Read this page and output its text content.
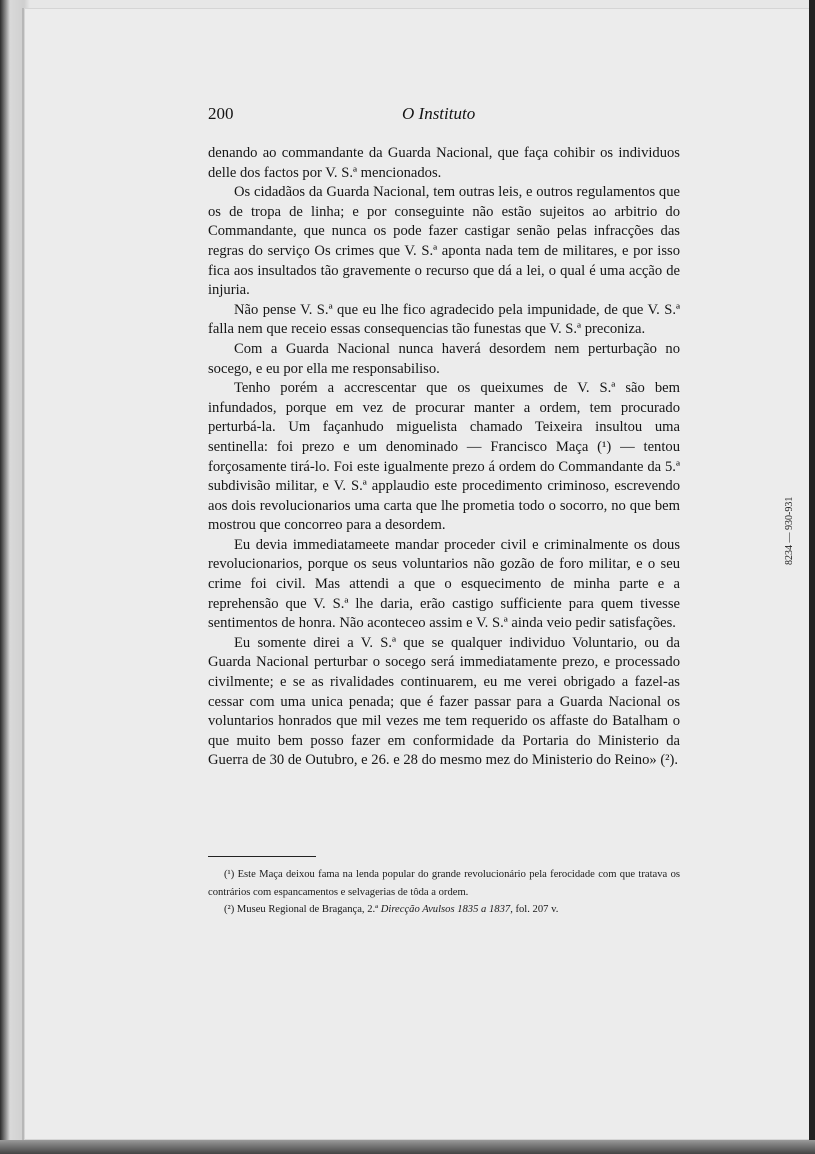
200	O Instituto

denando ao commandante da Guarda Nacional, que faça cohibir os individuos delle dos factos por V. S.ª mencionados.

Os cidadãos da Guarda Nacional, tem outras leis, e outros regulamentos que os de tropa de linha; e por conseguinte não estão sujeitos ao arbitrio do Commandante, que nunca os pode fazer castigar senão pelas infracções das regras do serviço Os crimes que V. S.ª aponta nada tem de militares, e por isso fica aos insultados tão gravemente o recurso que dá a lei, o qual é uma acção de injuria.

Não pense V. S.ª que eu lhe fico agradecido pela impunidade, de que V. S.ª falla nem que receio essas consequencias tão funestas que V. S.ª preconiza.

Com a Guarda Nacional nunca haverá desordem nem perturbação no socego, e eu por ella me responsabiliso.

Tenho porém a accrescentar que os queixumes de V. S.ª são bem infundados, porque em vez de procurar manter a ordem, tem procurado perturbá-la. Um façanhudo miguelista chamado Teixeira insultou uma sentinella: foi prezo e um denominado — Francisco Maça (¹) — tentou forçosamente tirá-lo. Foi este igualmente prezo á ordem do Commandante da 5.ª subdivisão militar, e V. S.ª applaudio este procedimento criminoso, escrevendo aos dois revolucionarios uma carta que lhe prometia todo o socorro, no que bem mostrou que concorreo para a desordem.

Eu devia immediatameete mandar proceder civil e criminalmente os dous revolucionarios, porque os seus voluntarios não gozão de foro militar, e o seu crime foi civil. Mas attendi a que o esquecimento de minha parte e a reprehensão que V. S.ª lhe daria, erão castigo sufficiente para quem tivesse sentimentos de honra. Não aconteceo assim e V. S.ª ainda veio pedir satisfações.

Eu somente direi a V. S.ª que se qualquer individuo Voluntario, ou da Guarda Nacional perturbar o socego será immediatamente prezo, e processado civilmente; e se as rivalidades continuarem, eu me verei obrigado a fazel-as cessar com uma unica penada; que é fazer passar para a Guarda Nacional os voluntarios honrados que mil vezes me tem requerido os affaste do Batalham o que muito bem posso fazer em conformidade da Portaria do Ministerio da Guerra de 30 de Outubro, e 26. e 28 do mesmo mez do Ministerio do Reino» (²).

(¹) Este Maça deixou fama na lenda popular do grande revolucionário pela ferocidade com que tratava os contrários com espancamentos e selvagerias de tôda a ordem.

(²) Museu Regional de Bragança, 2.ª Direcção Avulsos 1835 a 1837, fol. 207 v.

8234 — 930-931
